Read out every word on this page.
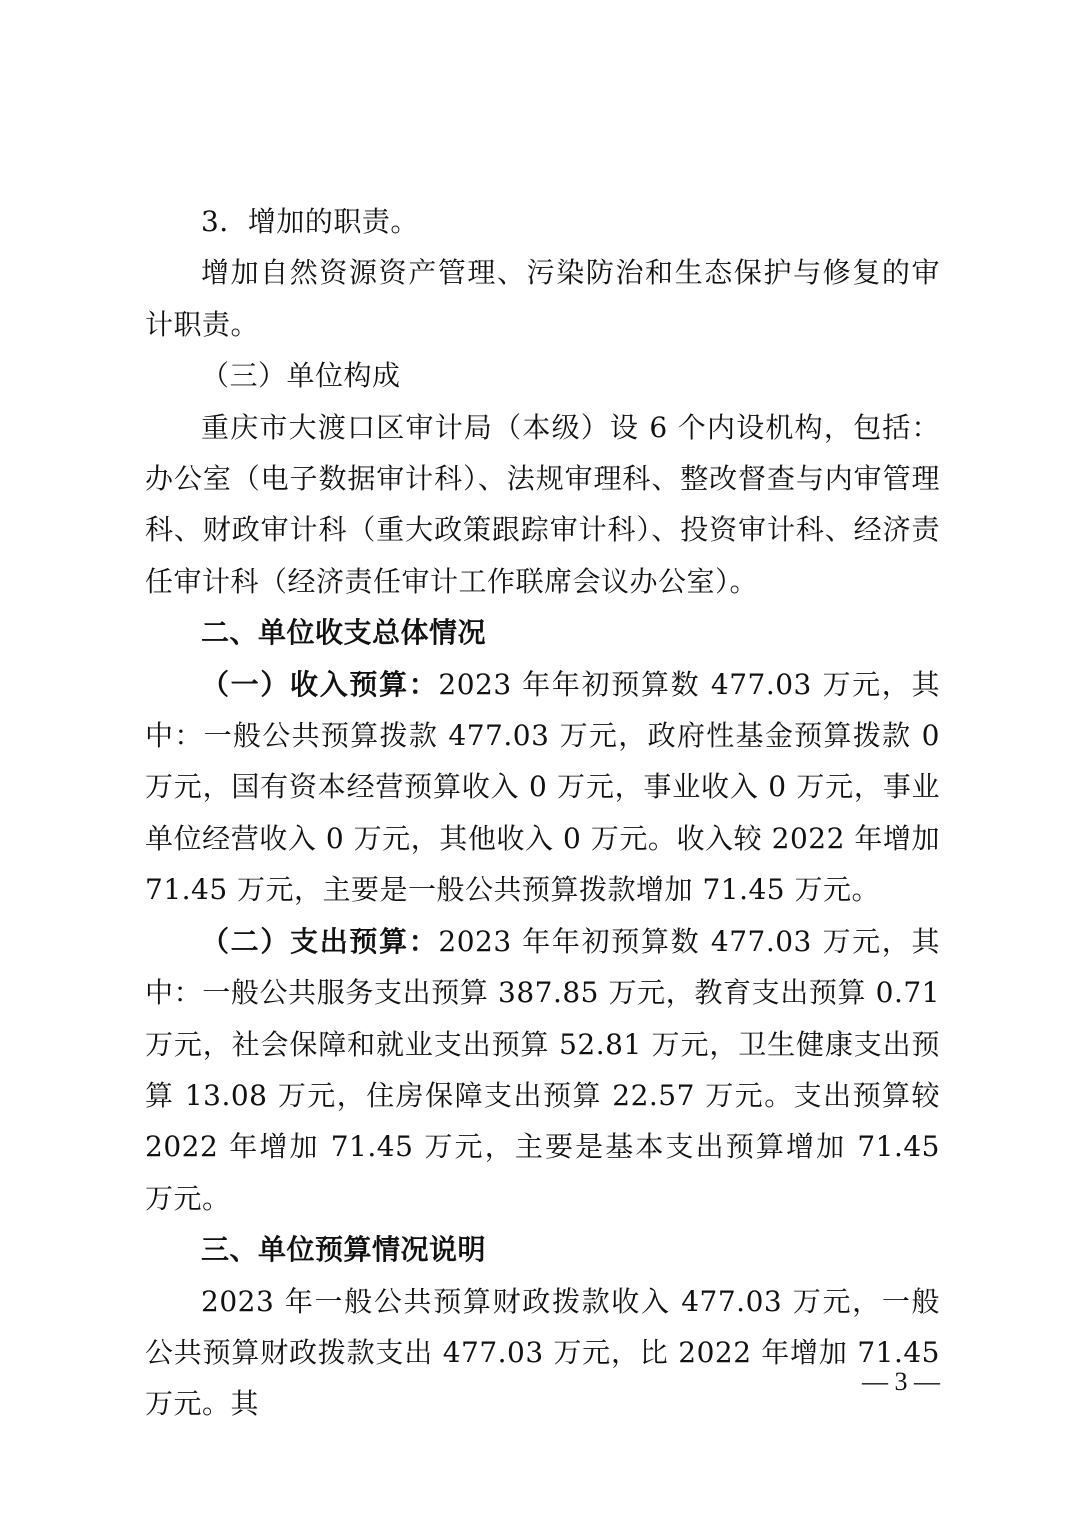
3．增加的职责。

增加自然资源资产管理、污染防治和生态保护与修复的审计职责。

（三）单位构成

重庆市大渡口区审计局（本级）设 6 个内设机构，包括：办公室（电子数据审计科）、法规审理科、整改督查与内审管理科、财政审计科（重大政策跟踪审计科）、投资审计科、经济责任审计科（经济责任审计工作联席会议办公室）。

二、单位收支总体情况

（一）收入预算：2023 年年初预算数 477.03 万元，其中：一般公共预算拨款 477.03 万元，政府性基金预算拨款 0 万元，国有资本经营预算收入 0 万元，事业收入 0 万元，事业单位经营收入 0 万元，其他收入 0 万元。收入较 2022 年增加 71.45 万元，主要是一般公共预算拨款增加 71.45 万元。

（二）支出预算：2023 年年初预算数 477.03 万元，其中：一般公共服务支出预算 387.85 万元，教育支出预算 0.71 万元，社会保障和就业支出预算 52.81 万元，卫生健康支出预算 13.08 万元，住房保障支出预算 22.57 万元。支出预算较 2022 年增加 71.45 万元，主要是基本支出预算增加 71.45 万元。

三、单位预算情况说明

2023 年一般公共预算财政拨款收入 477.03 万元，一般公共预算财政拨款支出 477.03 万元，比 2022 年增加 71.45 万元。其

— 3 —
